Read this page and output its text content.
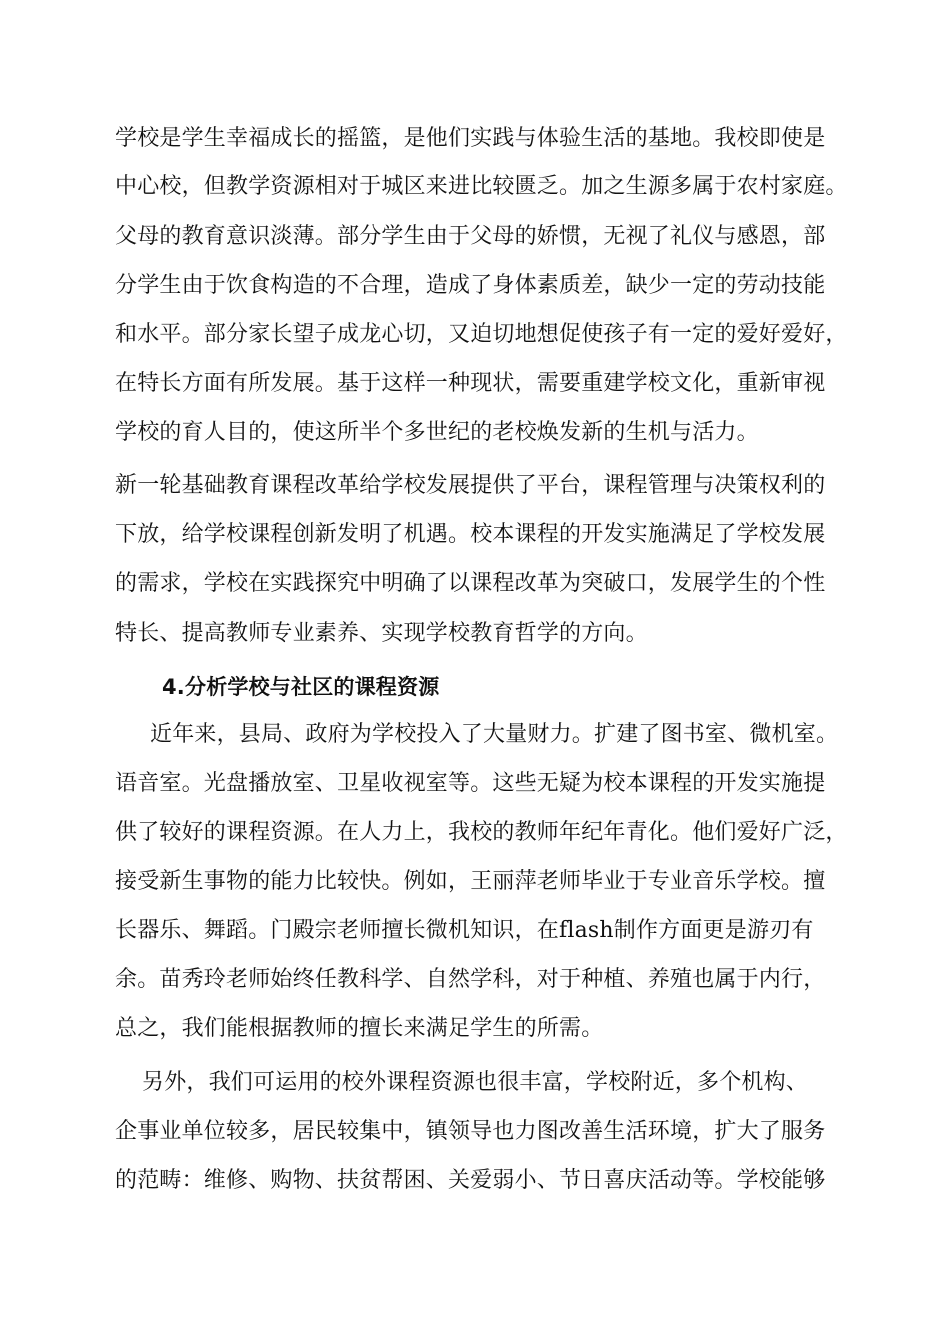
学校是学生幸福成长的摇篮，是他们实践与体验生活的基地。我校即使是
中心校，但教学资源相对于城区来进比较匮乏。加之生源多属于农村家庭。
父母的教育意识淡薄。部分学生由于父母的娇惯，无视了礼仪与感恩，部
分学生由于饮食构造的不合理，造成了身体素质差，缺少一定的劳动技能
和水平。部分家长望子成龙心切，又迫切地想促使孩子有一定的爱好爱好，
在特长方面有所发展。基于这样一种现状，需要重建学校文化，重新审视
学校的育人目的，使这所半个多世纪的老校焕发新的生机与活力。
新一轮基础教育课程改革给学校发展提供了平台，课程管理与决策权利的
下放，给学校课程创新发明了机遇。校本课程的开发实施满足了学校发展
的需求，学校在实践探究中明确了以课程改革为突破口，发展学生的个性
特长、提高教师专业素养、实现学校教育哲学的方向。
4.分析学校与社区的课程资源
近年来，县局、政府为学校投入了大量财力。扩建了图书室、微机室。
语音室。光盘播放室、卫星收视室等。这些无疑为校本课程的开发实施提
供了较好的课程资源。在人力上，我校的教师年纪年青化。他们爱好广泛，
接受新生事物的能力比较快。例如，王丽萍老师毕业于专业音乐学校。擅
长器乐、舞蹈。门殿宗老师擅长微机知识，在flash制作方面更是游刃有
余。苗秀玲老师始终任教科学、自然学科，对于种植、养殖也属于内行，
总之，我们能根据教师的擅长来满足学生的所需。
另外，我们可运用的校外课程资源也很丰富，学校附近，多个机构、
企事业单位较多，居民较集中，镇领导也力图改善生活环境，扩大了服务
的范畴：维修、购物、扶贫帮困、关爱弱小、节日喜庆活动等。学校能够
